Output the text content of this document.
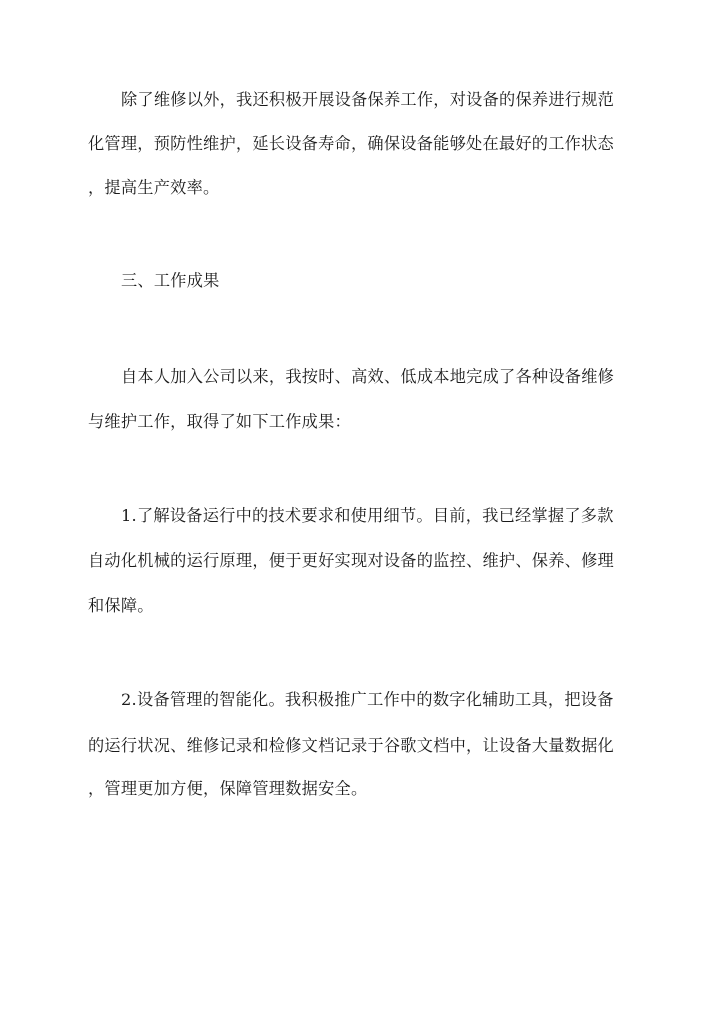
除了维修以外，我还积极开展设备保养工作，对设备的保养进行规范
化管理，预防性维护，延长设备寿命，确保设备能够处在最好的工作状态
，提高生产效率。
三、工作成果
自本人加入公司以来，我按时、高效、低成本地完成了各种设备维修
与维护工作，取得了如下工作成果：
1.了解设备运行中的技术要求和使用细节。目前，我已经掌握了多款
自动化机械的运行原理，便于更好实现对设备的监控、维护、保养、修理
和保障。
2.设备管理的智能化。我积极推广工作中的数字化辅助工具，把设备
的运行状况、维修记录和检修文档记录于谷歌文档中，让设备大量数据化
，管理更加方便，保障管理数据安全。
